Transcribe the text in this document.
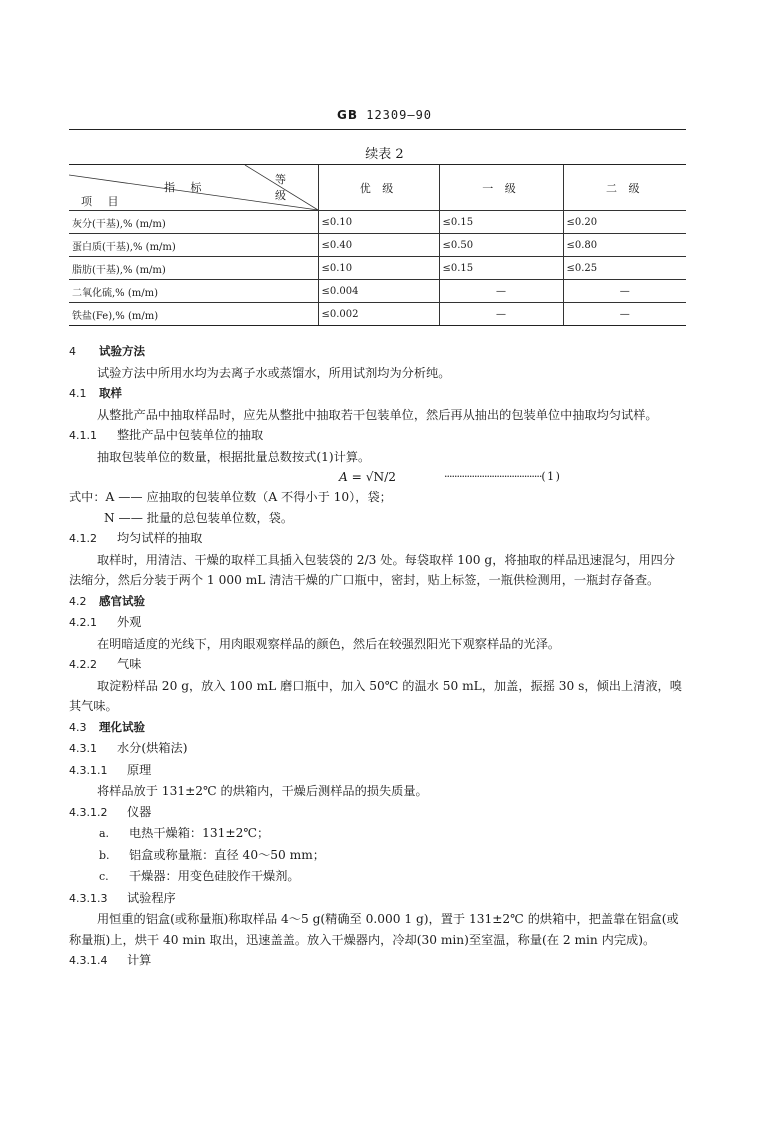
GB 12309—90
续表 2
指 标
等 级
项 目	优 级	一 级	二 级
灰分(干基),% (m/m)	≤0.10	≤0.15	≤0.20
蛋白质(干基),% (m/m)	≤0.40	≤0.50	≤0.80
脂肪(干基),% (m/m)	≤0.10	≤0.15	≤0.25
二氧化硫,% (m/m)	≤0.004	—	—
铁盐(Fe),% (m/m)	≤0.002	—	—

4 试验方法

试验方法中所用水均为去离子水或蒸馏水，所用试剂均为分析纯。

4.1 取样

从整批产品中抽取样品时，应先从整批中抽取若干包装单位，然后再从抽出的包装单位中抽取均匀试样。

4.1.1 整批产品中包装单位的抽取

抽取包装单位的数量，根据批量总数按式(1)计算。

A = √N/2	·······································( 1 )

式中：A —— 应抽取的包装单位数（A 不得小于 10），袋；

N —— 批量的总包装单位数，袋。

4.1.2 均匀试样的抽取

取样时，用清洁、干燥的取样工具插入包装袋的 2/3 处。每袋取样 100 g，将抽取的样品迅速混匀，用四分法缩分，然后分装于两个 1 000 mL 清洁干燥的广口瓶中，密封，贴上标签，一瓶供检测用，一瓶封存备查。

4.2 感官试验

4.2.1 外观

在明暗适度的光线下，用肉眼观察样品的颜色，然后在较强烈阳光下观察样品的光泽。

4.2.2 气味

取淀粉样品 20 g，放入 100 mL 磨口瓶中，加入 50℃ 的温水 50 mL，加盖，振摇 30 s，倾出上清液，嗅其气味。

4.3 理化试验

4.3.1 水分(烘箱法)

4.3.1.1 原理

将样品放于 131±2℃ 的烘箱内，干燥后测样品的损失质量。

4.3.1.2 仪器

a. 电热干燥箱：131±2℃；

b. 铝盒或称量瓶：直径 40～50 mm；

c. 干燥器：用变色硅胶作干燥剂。

4.3.1.3 试验程序

用恒重的铝盒(或称量瓶)称取样品 4～5 g(精确至 0.000 1 g)，置于 131±2℃ 的烘箱中，把盖靠在铝盒(或称量瓶)上，烘干 40 min 取出，迅速盖盖。放入干燥器内，冷却(30 min)至室温，称量(在 2 min 内完成)。

4.3.1.4 计算
